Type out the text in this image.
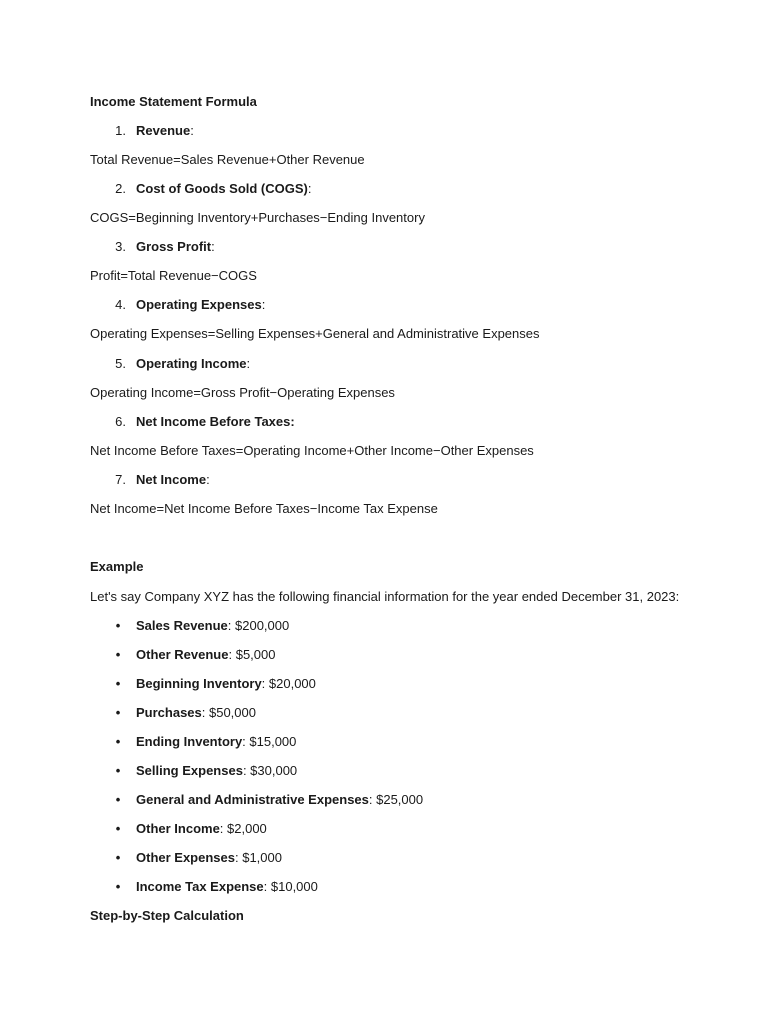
Income Statement Formula
1. Revenue:
Total Revenue=Sales Revenue+Other Revenue
2. Cost of Goods Sold (COGS):
COGS=Beginning Inventory+Purchases−Ending Inventory
3. Gross Profit:
Profit=Total Revenue−COGS
4. Operating Expenses:
Operating Expenses=Selling Expenses+General and Administrative Expenses
5. Operating Income:
Operating Income=Gross Profit−Operating Expenses
6. Net Income Before Taxes:
Net Income Before Taxes=Operating Income+Other Income−Other Expenses
7. Net Income:
Net Income=Net Income Before Taxes−Income Tax Expense
Example
Let's say Company XYZ has the following financial information for the year ended December 31, 2023:
• Sales Revenue: $200,000
• Other Revenue: $5,000
• Beginning Inventory: $20,000
• Purchases: $50,000
• Ending Inventory: $15,000
• Selling Expenses: $30,000
• General and Administrative Expenses: $25,000
• Other Income: $2,000
• Other Expenses: $1,000
• Income Tax Expense: $10,000
Step-by-Step Calculation
